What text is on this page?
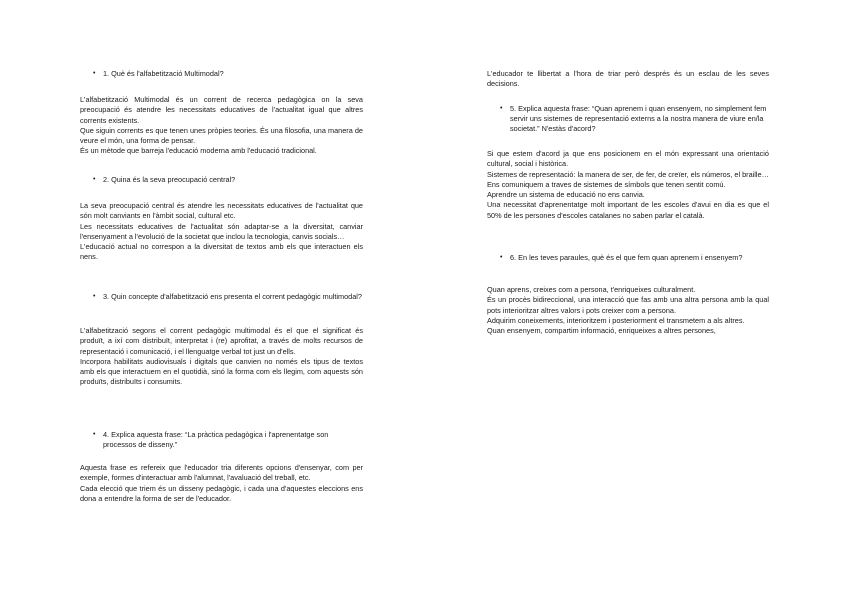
• 1. Què és l'alfabetització Multimodal?
L'alfabetització Multimodal és un corrent de recerca pedagògica on la seva preocupació és atendre les necessitats educatives de l'actualitat igual que altres corrents existents.
Que siguin corrents es que tenen unes pròpies teories. És una filosofia, una manera de veure el món, una forma de pensar.
És un mètode que barreja l'educació moderna amb l'educació tradicional.
• 2. Quina és la seva preocupació central?
La seva preocupació central és atendre les necessitats educatives de l'actualitat que són molt canviants en l'àmbit social, cultural etc.
Les necessitats educatives de l'actualitat són adaptar-se a la diversitat, canviar l'ensenyament a l'evolució de la societat que inclou la tecnologia, canvis socials…
L'educació actual no correspon a la diversitat de textos amb els que interactuen els nens.
• 3. Quin concepte d'alfabetització ens presenta el corrent pedagògic multimodal?
L'alfabetització segons el corrent pedagògic multimodal és el que el significat és produït, a ixí com distribuït, interpretat i (re) aprofitat, a través de molts recursos de representació i comunicació, i el llenguatge verbal tot just un d'ells.
Incorpora habilitats audiovisuals i digitals que canvien no només els tipus de textos amb els que interactuem en el quotidià, sinó la forma com els llegim, com aquests són produïts, distribuïts i consumits.
• 4. Explica aquesta frase: “La pràctica pedagògica i l'aprenentatge son processos de disseny.”
Aquesta frase es refereix que l'educador tria diferents opcions d'ensenyar, com per exemple, formes d'interactuar amb l'alumnat, l'avaluació del treball, etc.
Cada elecció que triem és un disseny pedagògic, i cada una d'aquestes eleccions ens dona a entendre la forma de ser de l'educador.
L'educador te llibertat a l'hora de triar però després és un esclau de les seves decisions.
• 5. Explica aquesta frase: “Quan aprenem i quan ensenyem, no simplement fem servir uns sistemes de representació externs a la nostra manera de viure en/la societat.” N'estàs d'acord?
Si que estem d'acord ja que ens posicionem en el món expressant una orientació cultural, social i històrica.
Sistemes de representació: la manera de ser, de fer, de creïer, els números, el braille…
Ens comuniquem a traves de sistemes de símbols que tenen sentit comú.
Aprendre un sistema de educació no ens canvia.
Una necessitat d'aprenentatge molt important de les escoles d'avui en dia es que el 50% de les persones d'escoles catalanes no saben parlar el català.
• 6. En les teves paraules, què és el que fem quan aprenem i ensenyem?
Quan aprens, creixes com a persona, t'enriqueixes culturalment.
És un procès bidireccional, una interacció que fas amb una altra persona amb la qual pots interioritzar altres valors i pots creixer com a persona.
Adquirim coneixements, interioritzem i posteriorment el transmetem a als altres.
Quan ensenyem, compartim informació, enriqueixes a altres persones,
